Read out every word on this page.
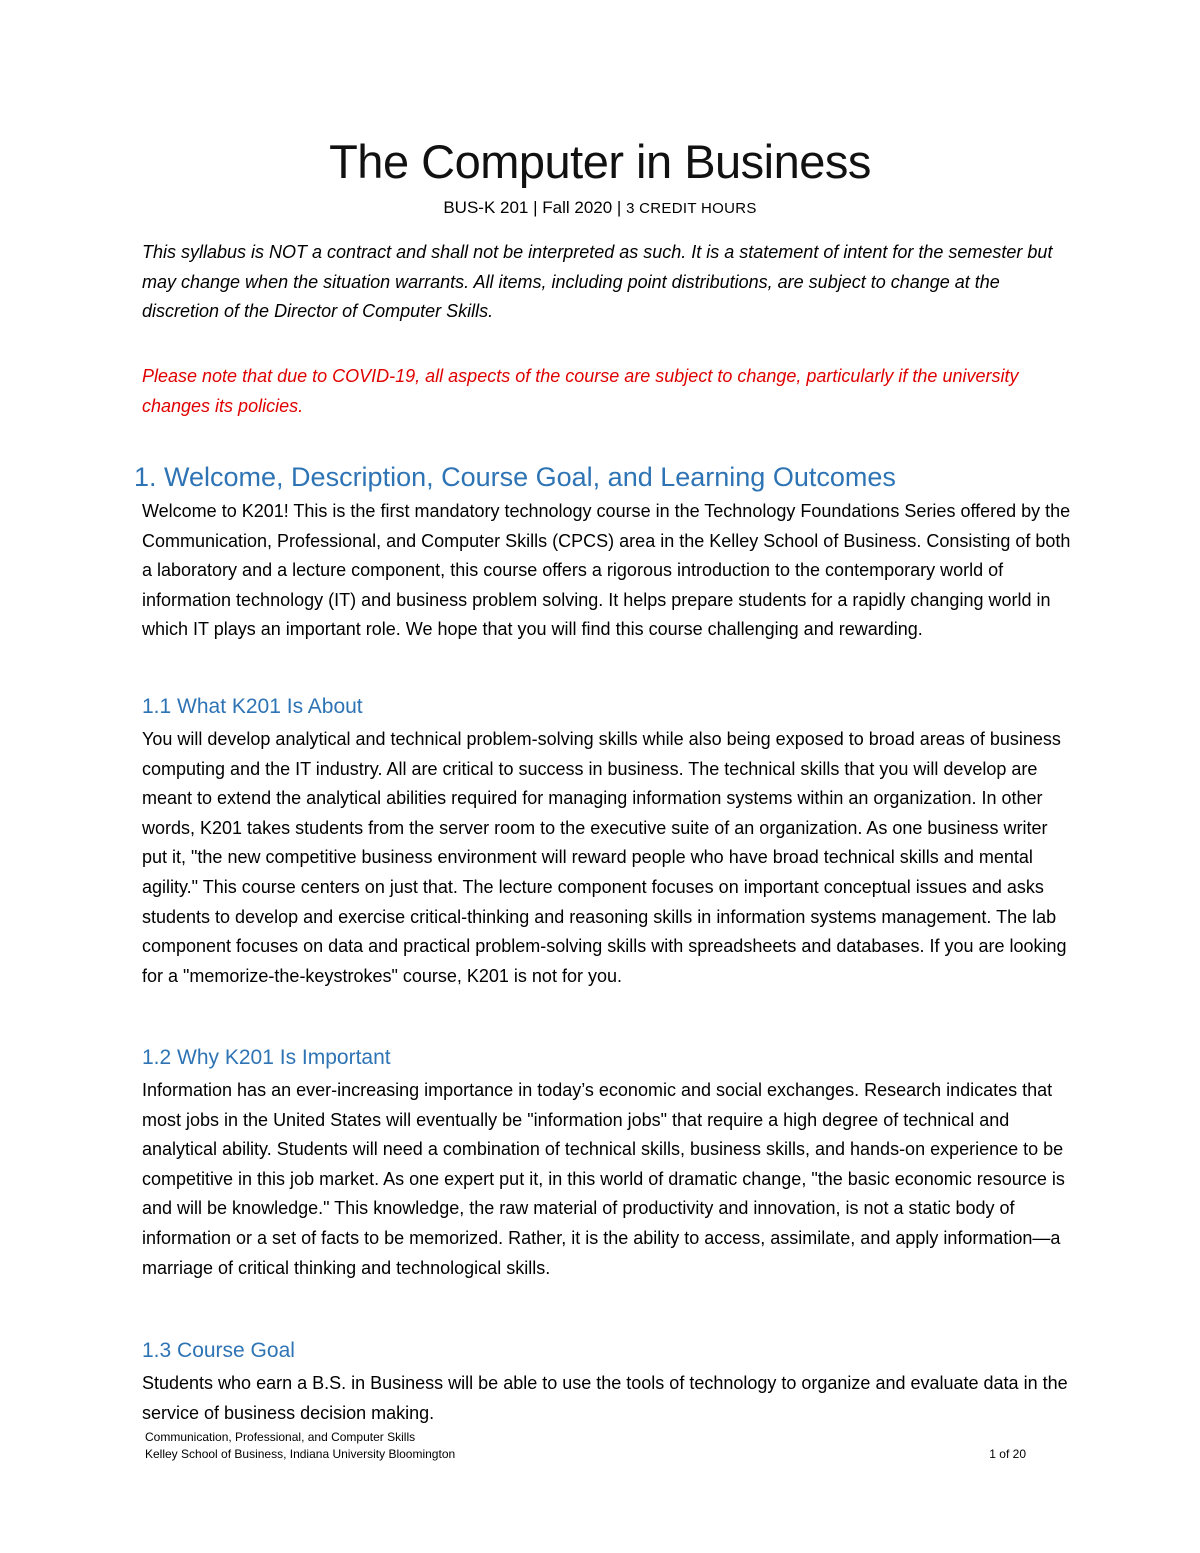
The Computer in Business
BUS-K 201 | Fall 2020 | 3 CREDIT HOURS
This syllabus is NOT a contract and shall not be interpreted as such. It is a statement of intent for the semester but may change when the situation warrants. All items, including point distributions, are subject to change at the discretion of the Director of Computer Skills.
Please note that due to COVID-19, all aspects of the course are subject to change, particularly if the university changes its policies.
1. Welcome, Description, Course Goal, and Learning Outcomes
Welcome to K201! This is the first mandatory technology course in the Technology Foundations Series offered by the Communication, Professional, and Computer Skills (CPCS) area in the Kelley School of Business. Consisting of both a laboratory and a lecture component, this course offers a rigorous introduction to the contemporary world of information technology (IT) and business problem solving. It helps prepare students for a rapidly changing world in which IT plays an important role. We hope that you will find this course challenging and rewarding.
1.1 What K201 Is About
You will develop analytical and technical problem-solving skills while also being exposed to broad areas of business computing and the IT industry. All are critical to success in business. The technical skills that you will develop are meant to extend the analytical abilities required for managing information systems within an organization. In other words, K201 takes students from the server room to the executive suite of an organization. As one business writer put it, "the new competitive business environment will reward people who have broad technical skills and mental agility." This course centers on just that. The lecture component focuses on important conceptual issues and asks students to develop and exercise critical-thinking and reasoning skills in information systems management. The lab component focuses on data and practical problem-solving skills with spreadsheets and databases. If you are looking for a "memorize-the-keystrokes" course, K201 is not for you.
1.2 Why K201 Is Important
Information has an ever-increasing importance in today’s economic and social exchanges. Research indicates that most jobs in the United States will eventually be "information jobs" that require a high degree of technical and analytical ability. Students will need a combination of technical skills, business skills, and hands-on experience to be competitive in this job market. As one expert put it, in this world of dramatic change, "the basic economic resource is and will be knowledge." This knowledge, the raw material of productivity and innovation, is not a static body of information or a set of facts to be memorized. Rather, it is the ability to access, assimilate, and apply information—a marriage of critical thinking and technological skills.
1.3 Course Goal
Students who earn a B.S. in Business will be able to use the tools of technology to organize and evaluate data in the service of business decision making.
Communication, Professional, and Computer Skills
Kelley School of Business, Indiana University Bloomington	1 of 20
